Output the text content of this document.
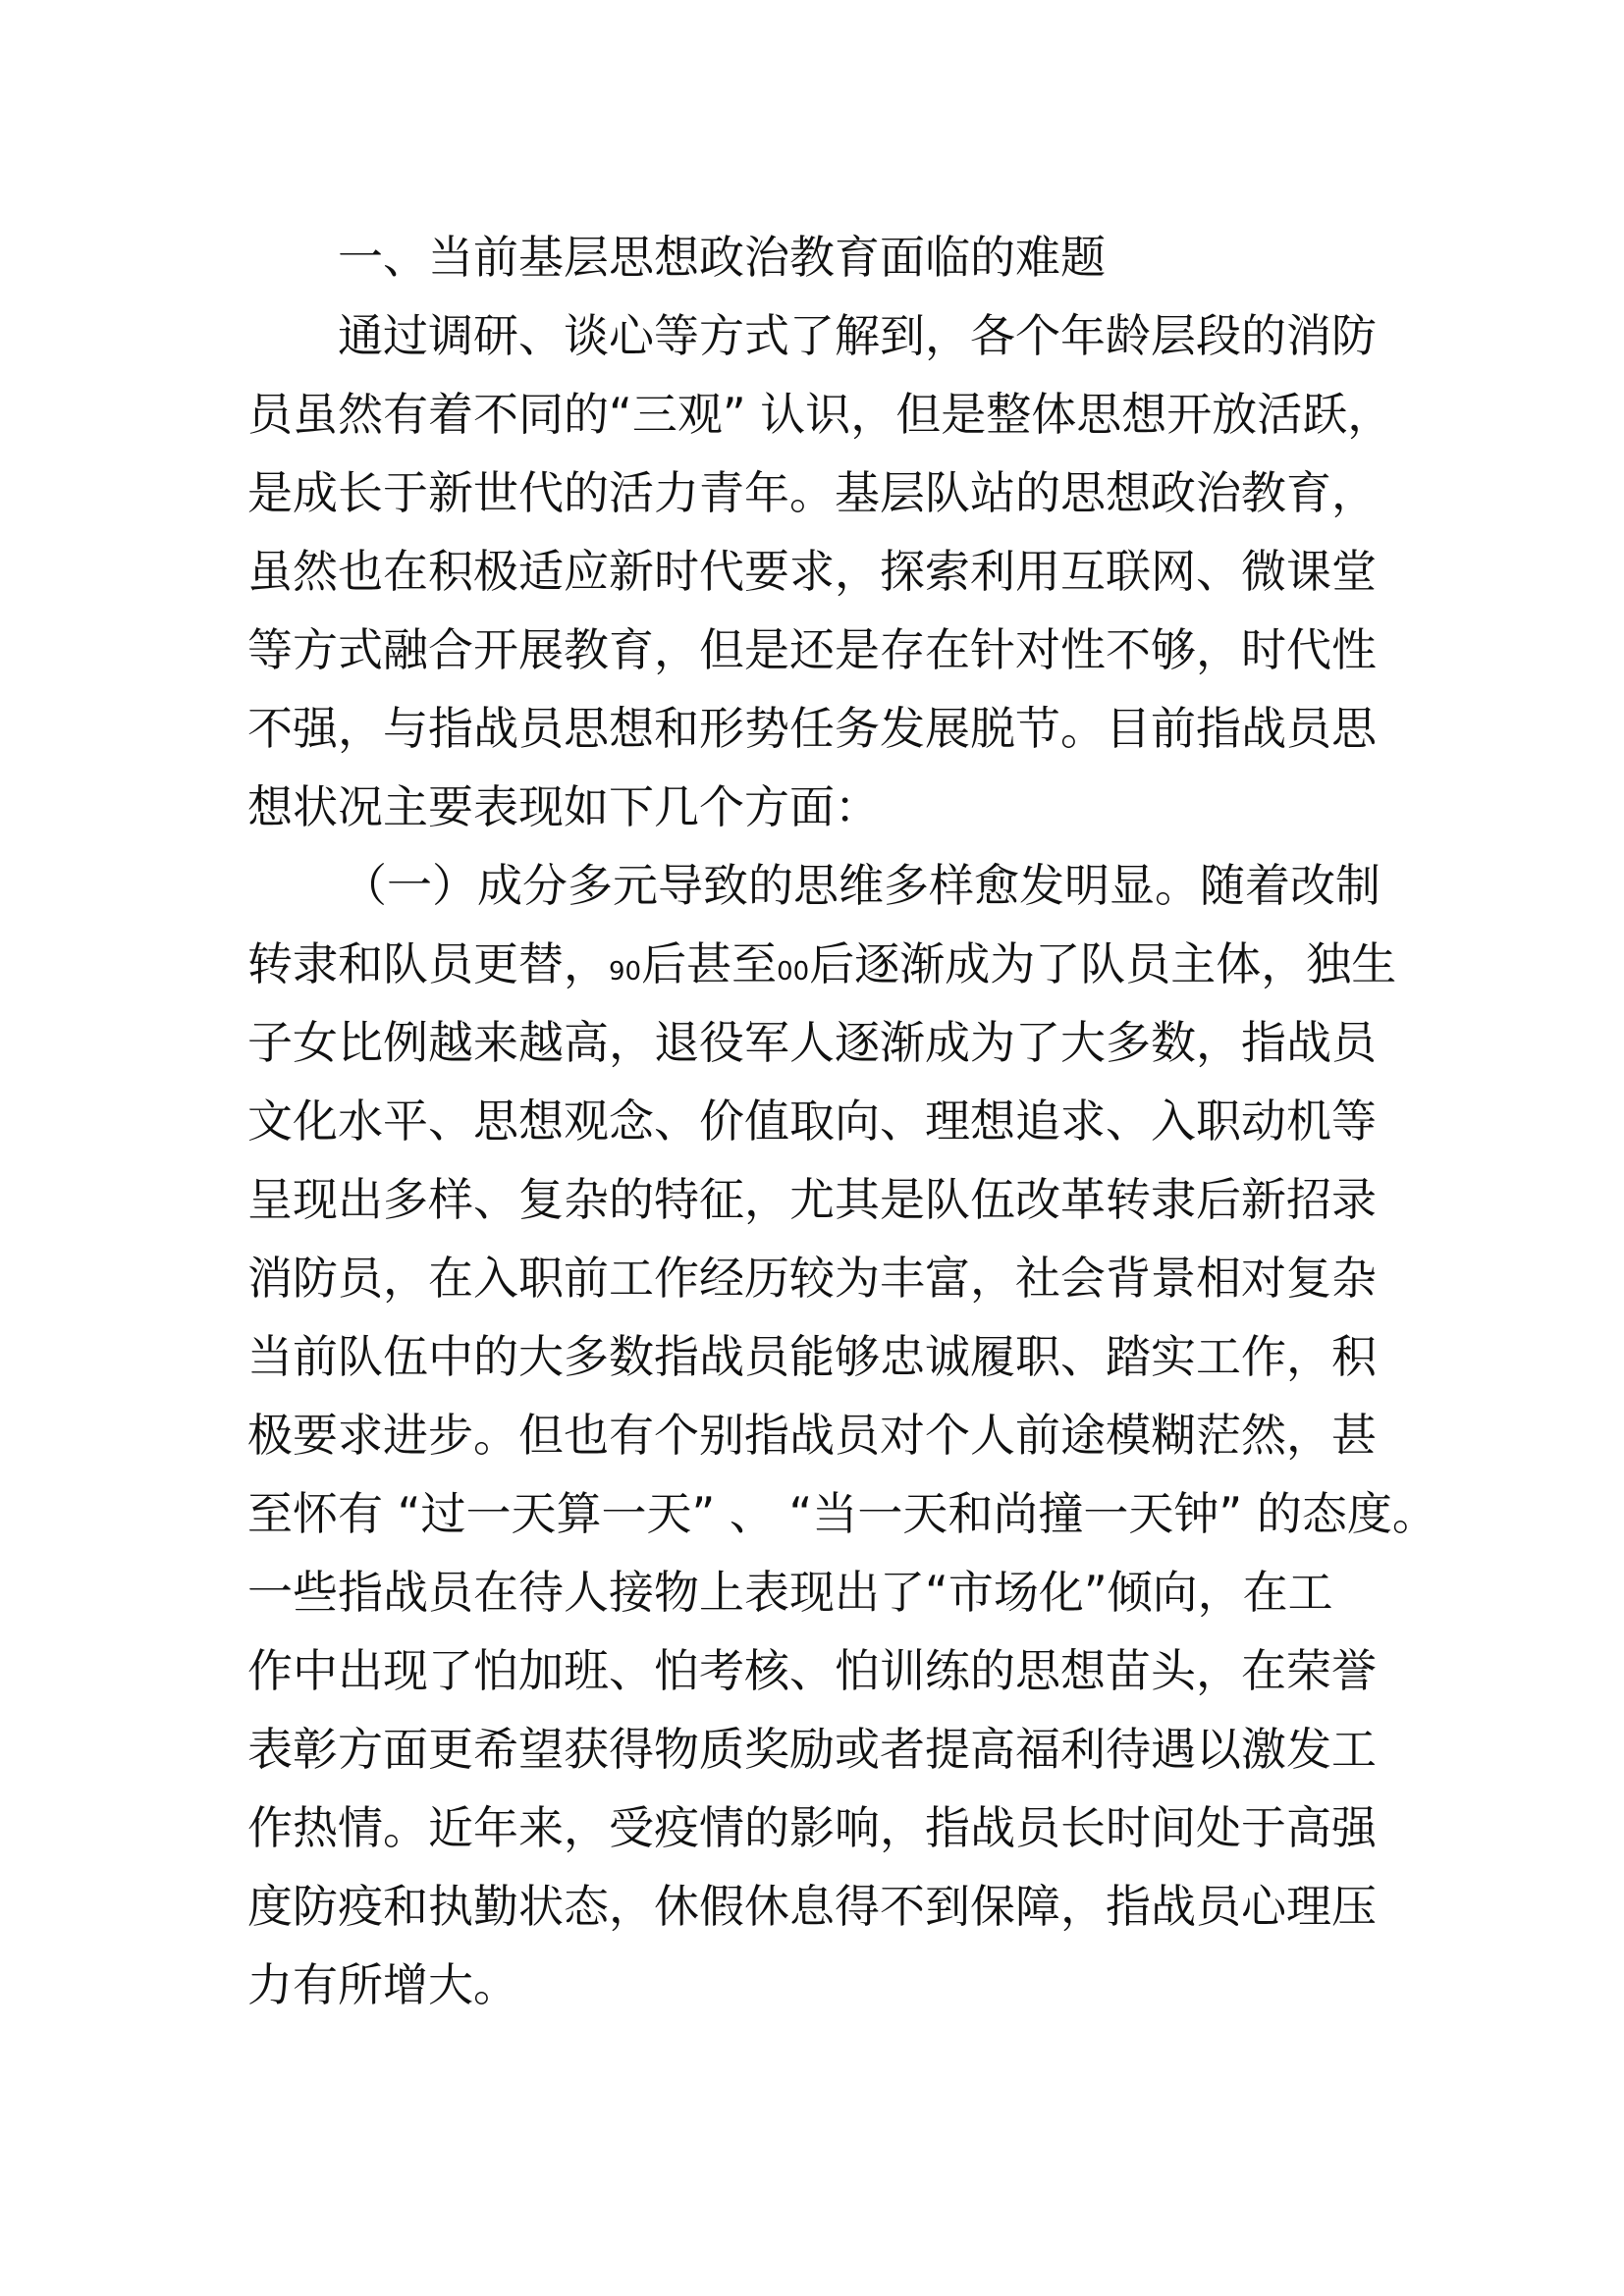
一、当前基层思想政治教育面临的难题
通过调研、谈心等方式了解到，各个年龄层段的消防
员虽然有着不同的“三观” 认识，但是整体思想开放活跃，
是成长于新世代的活力青年。基层队站的思想政治教育，
虽然也在积极适应新时代要求，探索利用互联网、微课堂
等方式融合开展教育，但是还是存在针对性不够，时代性
不强，与指战员思想和形势任务发展脱节。目前指战员思
想状况主要表现如下几个方面：
（一）成分多元导致的思维多样愈发明显。随着改制
转隶和队员更替，90后甚至00后逐渐成为了队员主体，独生
子女比例越来越高，退役军人逐渐成为了大多数，指战员
文化水平、思想观念、价值取向、理想追求、入职动机等
呈现出多样、复杂的特征，尤其是队伍改革转隶后新招录
消防员，在入职前工作经历较为丰富，社会背景相对复杂
当前队伍中的大多数指战员能够忠诚履职、踏实工作，积
极要求进步。但也有个别指战员对个人前途模糊茫然，甚
至怀有 “过一天算一天” 、 “当一天和尚撞一天钟” 的态度。
一些指战员在待人接物上表现出了“市场化”倾向，在工
作中出现了怕加班、怕考核、怕训练的思想苗头，在荣誉
表彰方面更希望获得物质奖励或者提高福利待遇以激发工
作热情。近年来，受疫情的影响，指战员长时间处于高强
度防疫和执勤状态，休假休息得不到保障，指战员心理压
力有所增大。
